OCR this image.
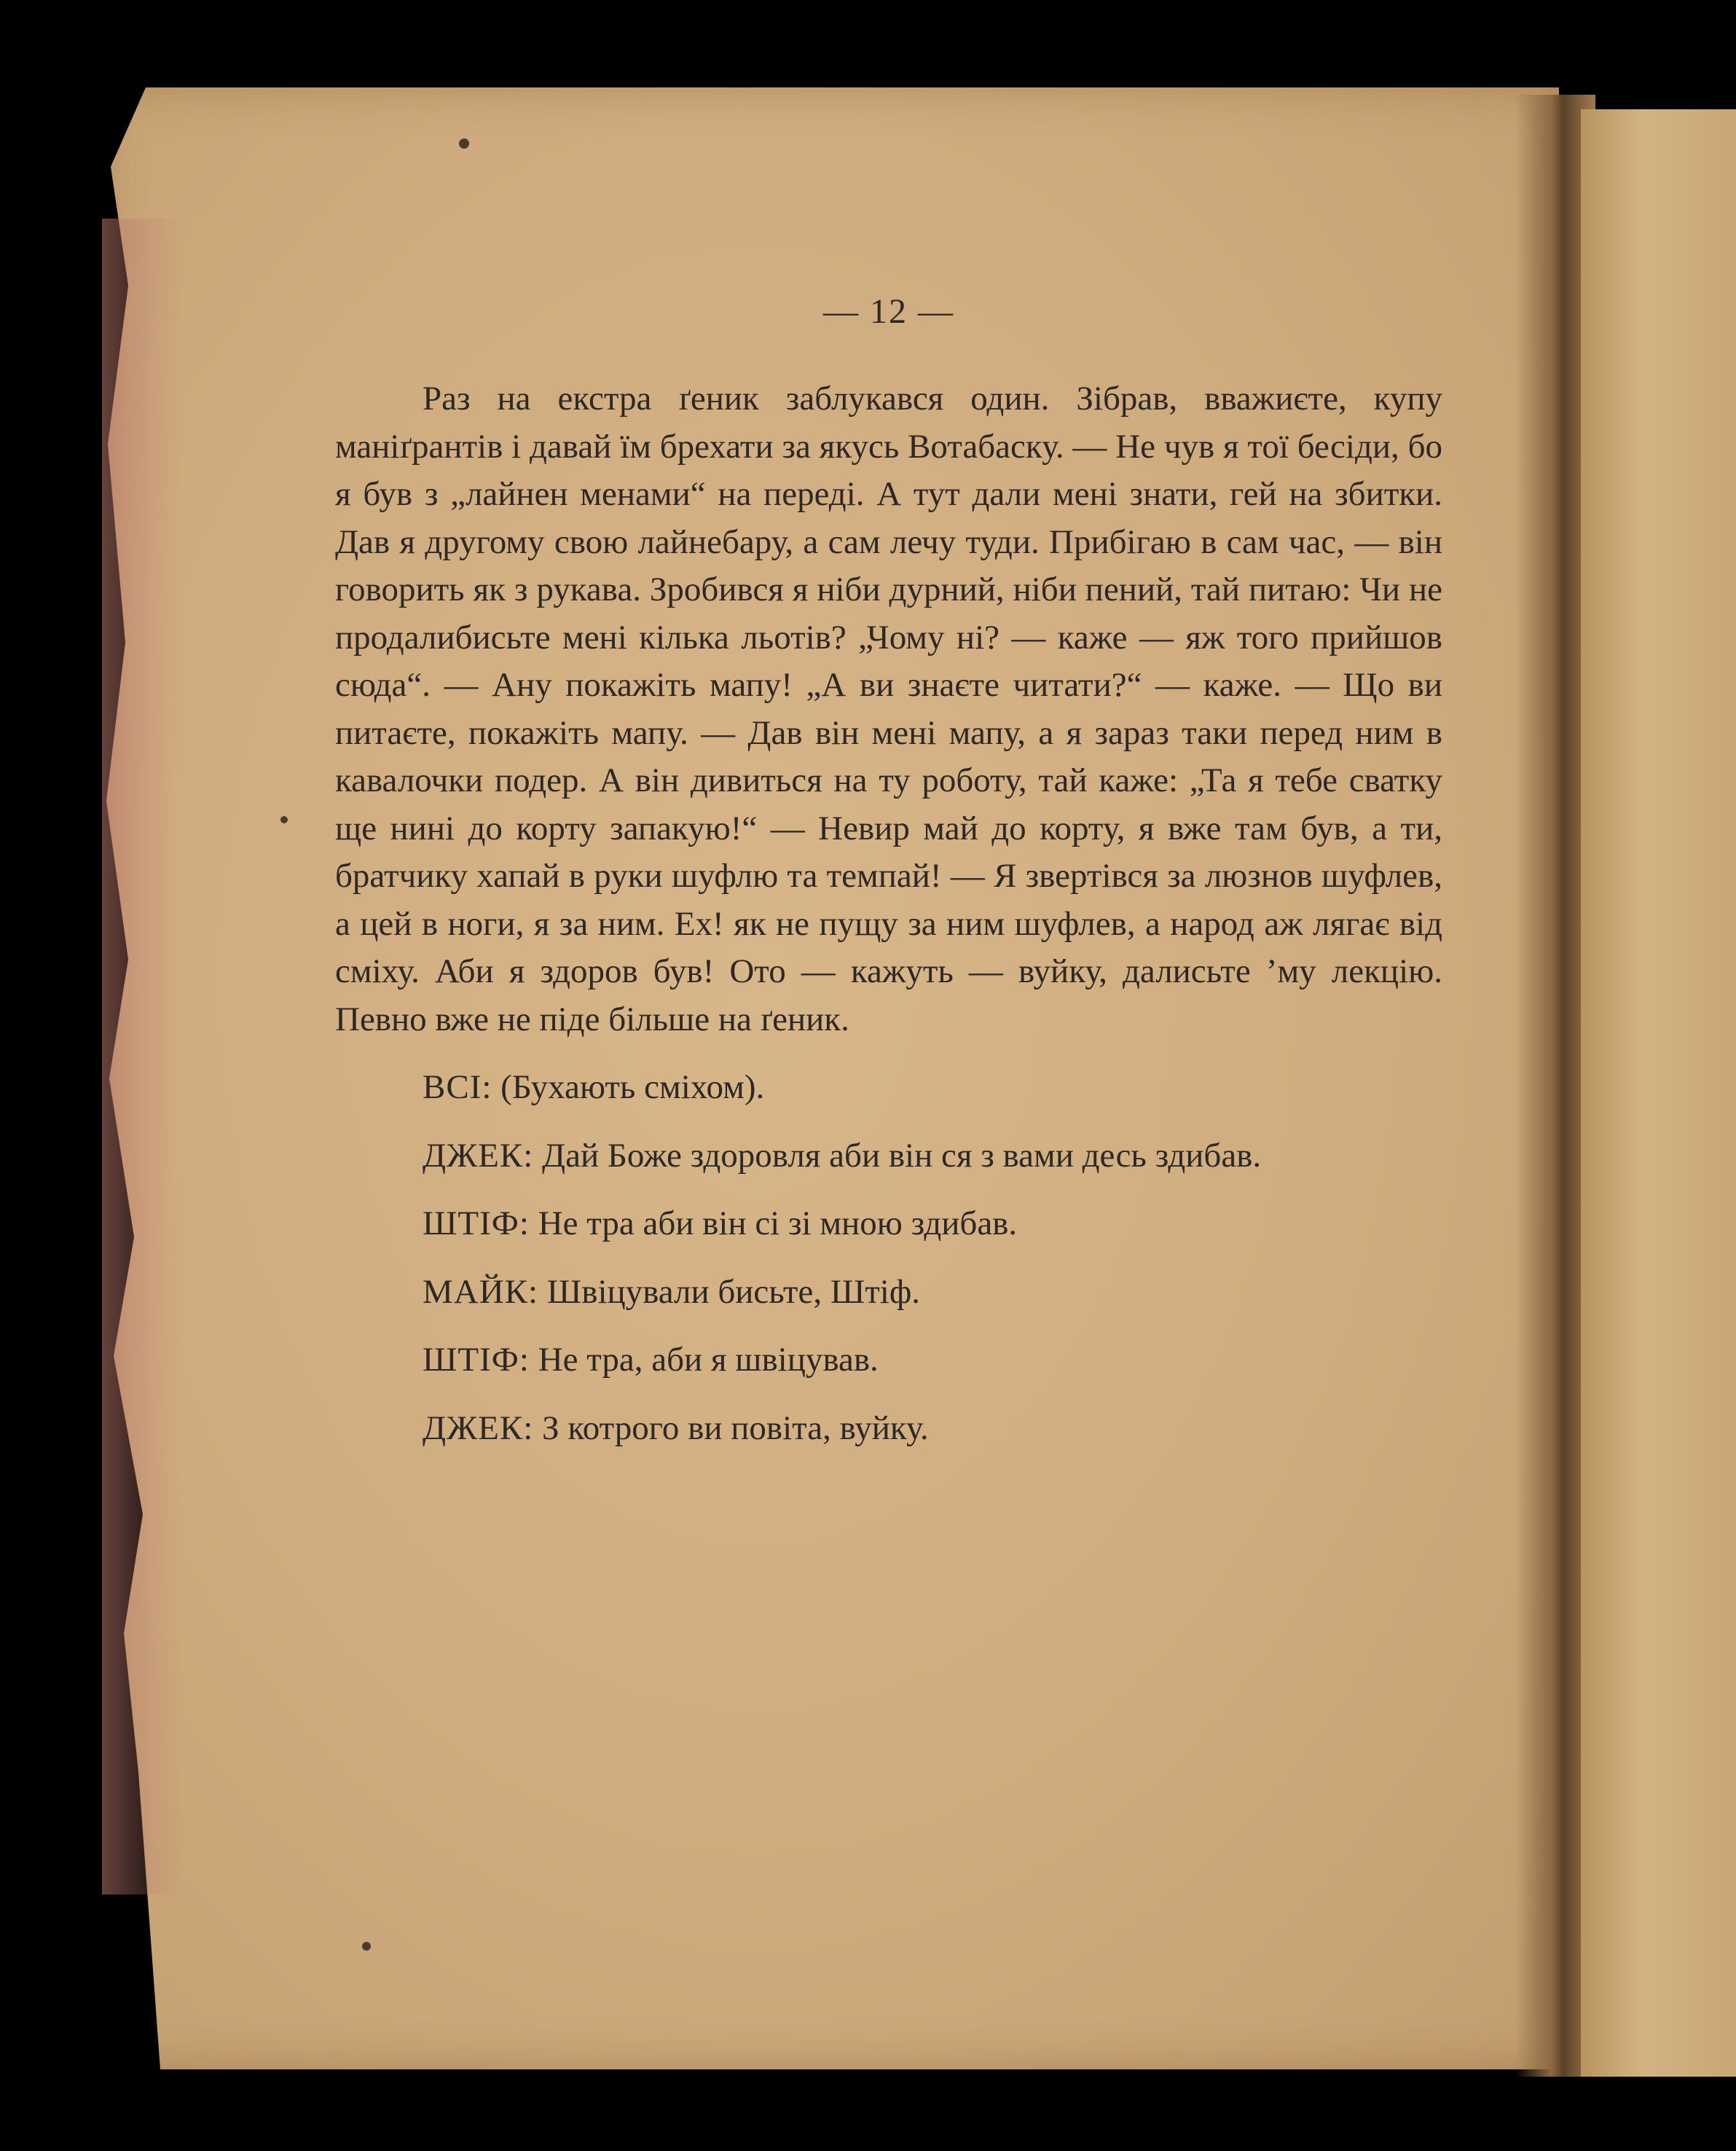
— 12 —

Раз на екстра ґеник заблукався один. Зібрав, вважиєте, купу маніґрантів і давай їм брехати за якусь Вотабаску. — Не чув я тої бесіди, бо я був з „лайнен менами“ на переді. А тут дали мені знати, гей на збитки. Дав я другому свою лайнебару, а сам лечу туди. Прибігаю в сам час, — він говорить як з рукава. Зробився я ніби дурний, ніби пений, тай питаю: Чи не продалибисьте мені кілька льотів? „Чому ні? — каже — яж того прийшов сюда“. — Ану покажіть мапу! „А ви знаєте читати?“ — каже. — Що ви питаєте, покажіть мапу. — Дав він мені мапу, а я зараз таки перед ним в кавалочки подер. А він дивиться на ту роботу, тай каже: „Та я тебе сватку ще нині до корту запакую!“ — Невир май до корту, я вже там був, а ти, братчику хапай в руки шуфлю та темпай! — Я звертівся за люзнов шуфлев, а цей в ноги, я за ним. Ех! як не пущу за ним шуфлев, а народ аж лягає від сміху. Аби я здоров був! Ото — кажуть — вуйку, далисьте ’му лекцію. Певно вже не піде більше на ґеник.

ВСІ: (Бухають сміхом).

ДЖЕК: Дай Боже здоровля аби він ся з вами десь здибав.

ШТІФ: Не тра аби він сі зі мною здибав.

МАЙК: Швіцували бисьте, Штіф.

ШТІФ: Не тра, аби я швіцував.

ДЖЕК: З котрого ви повіта, вуйку.
